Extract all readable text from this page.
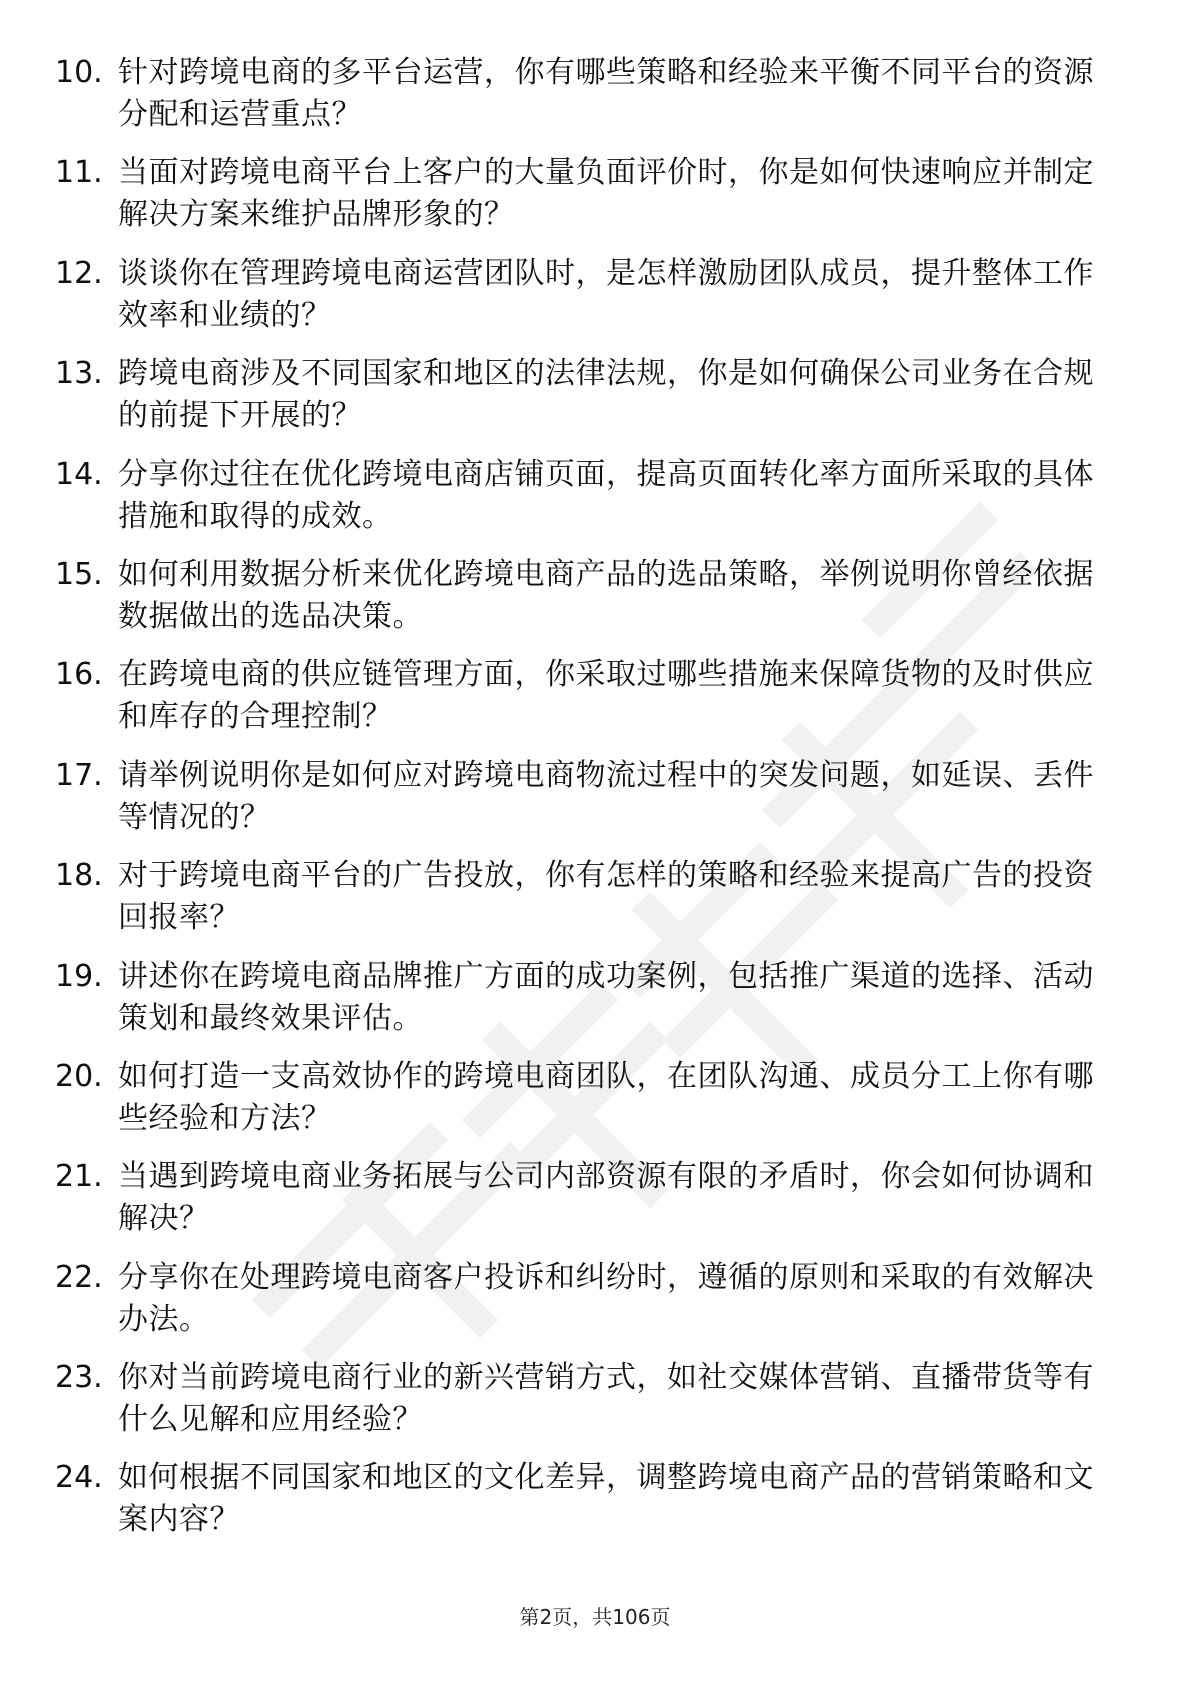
10. 针对跨境电商的多平台运营，你有哪些策略和经验来平衡不同平台的资源分配和运营重点？
11. 当面对跨境电商平台上客户的大量负面评价时，你是如何快速响应并制定解决方案来维护品牌形象的？
12. 谈谈你在管理跨境电商运营团队时，是怎样激励团队成员，提升整体工作效率和业绩的？
13. 跨境电商涉及不同国家和地区的法律法规，你是如何确保公司业务在合规的前提下开展的？
14. 分享你过往在优化跨境电商店铺页面，提高页面转化率方面所采取的具体措施和取得的成效。
15. 如何利用数据分析来优化跨境电商产品的选品策略，举例说明你曾经依据数据做出的选品决策。
16. 在跨境电商的供应链管理方面，你采取过哪些措施来保障货物的及时供应和库存的合理控制？
17. 请举例说明你是如何应对跨境电商物流过程中的突发问题，如延误、丢件等情况的？
18. 对于跨境电商平台的广告投放，你有怎样的策略和经验来提高广告的投资回报率？
19. 讲述你在跨境电商品牌推广方面的成功案例，包括推广渠道的选择、活动策划和最终效果评估。
20. 如何打造一支高效协作的跨境电商团队，在团队沟通、成员分工上你有哪些经验和方法？
21. 当遇到跨境电商业务拓展与公司内部资源有限的矛盾时，你会如何协调和解决？
22. 分享你在处理跨境电商客户投诉和纠纷时，遵循的原则和采取的有效解决办法。
23. 你对当前跨境电商行业的新兴营销方式，如社交媒体营销、直播带货等有什么见解和应用经验？
24. 如何根据不同国家和地区的文化差异，调整跨境电商产品的营销策略和文案内容？
第2页，共106页
